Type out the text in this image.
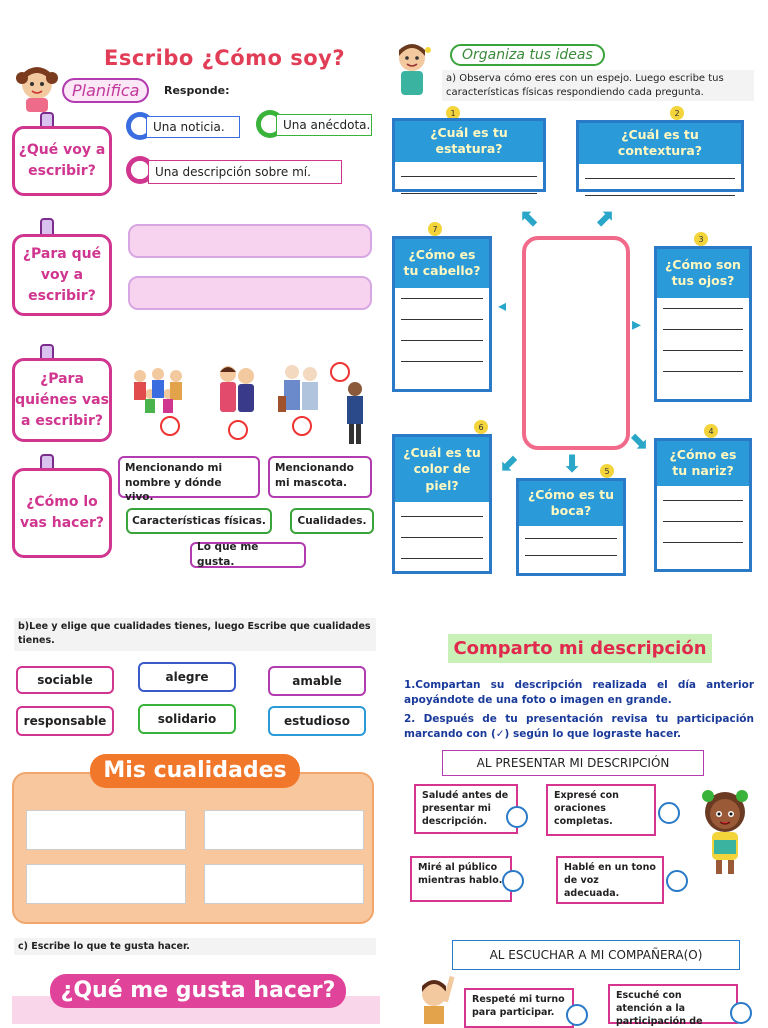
Escribo ¿Cómo soy?
Planifica	Responde:
¿Qué voy a escribir?
Una noticia.	Una anécdota.
Una descripción sobre mí.
¿Para qué voy a escribir?
¿Para quiénes vas a escribir?
¿Cómo lo vas hacer?
Mencionando mi nombre y dónde vivo.
Mencionando mi mascota.
Características físicas.	Cualidades.
Lo que me gusta.
Organiza tus ideas
a) Observa cómo eres con un espejo. Luego escribe tus características físicas respondiendo cada pregunta.
1
¿Cuál es tu estatura?
2
¿Cuál es tu contextura?
⬉ ⬈
7
¿Cómo es tu cabello?
◂
▸
3
¿Cómo son tus ojos?
6
¿Cuál es tu color de piel?
⬋ ⬇
⬊
5
¿Cómo es tu boca?
4
¿Cómo es tu nariz?
b)Lee y elige que cualidades tienes, luego Escribe que cualidades tienes.
sociable	alegre	amable
responsable	solidario	estudioso
Mis cualidades
c) Escribe lo que te gusta hacer.
¿Qué me gusta hacer?
Comparto mi descripción
1.Compartan su descripción realizada el día anterior apoyándote de una foto o imagen en grande.
2. Después de tu presentación revisa tu participación marcando con (✓) según lo que lograste hacer.
AL PRESENTAR MI DESCRIPCIÓN
Saludé antes de presentar mi descripción.
Expresé con oraciones completas.
Miré al público mientras hablo.
Hablé en un tono de voz adecuada.
AL ESCUCHAR A MI COMPAÑERA(O)
Respeté mi turno para participar.
Escuché con atención a la participación de
